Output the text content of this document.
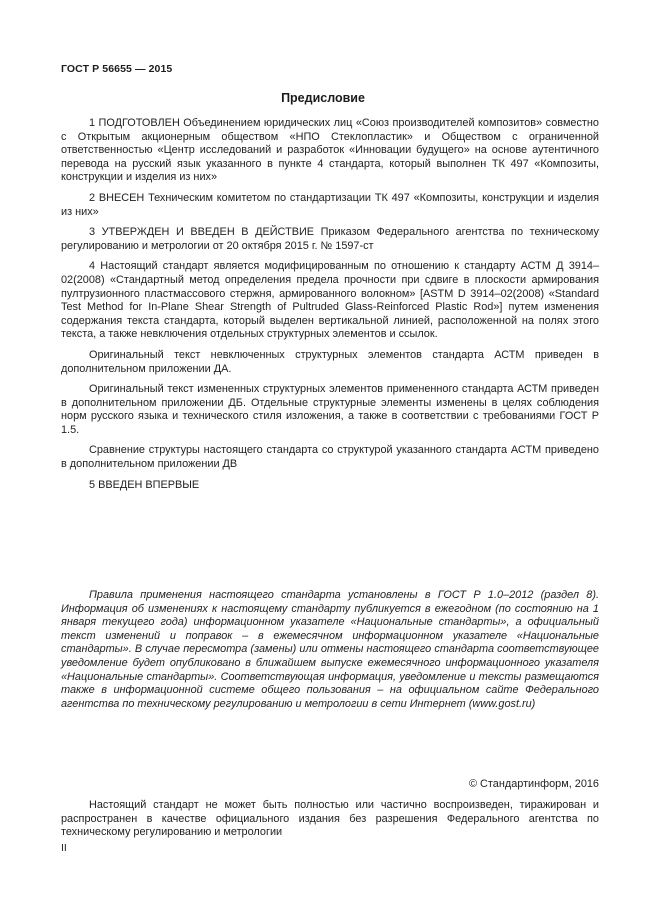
ГОСТ Р 56655 — 2015
Предисловие

1 ПОДГОТОВЛЕН Объединением юридических лиц «Союз производителей композитов» совместно с Открытым акционерным обществом «НПО Стеклопластик» и Обществом с ограниченной ответственностью «Центр исследований и разработок «Инновации будущего» на основе аутентичного перевода на русский язык указанного в пункте 4 стандарта, который выполнен ТК 497 «Композиты, конструкции и изделия из них»

2 ВНЕСЕН Техническим комитетом по стандартизации ТК 497 «Композиты, конструкции и изделия из них»

3 УТВЕРЖДЕН И ВВЕДЕН В ДЕЙСТВИЕ Приказом Федерального агентства по техническому регулированию и метрологии от 20 октября 2015 г. № 1597-ст

4 Настоящий стандарт является модифицированным по отношению к стандарту АСТМ Д 3914–02(2008) «Стандартный метод определения предела прочности при сдвиге в плоскости армирования пултрузионного пластмассового стержня, армированного волокном» [ASTM D 3914–02(2008) «Standard Test Method for In-Plane Shear Strength of Pultruded Glass-Reinforced Plastic Rod»] путем изменения содержания текста стандарта, который выделен вертикальной линией, расположенной на полях этого текста, а также невключения отдельных структурных элементов и ссылок.

Оригинальный текст невключенных структурных элементов стандарта АСТМ приведен в дополнительном приложении ДА.

Оригинальный текст измененных структурных элементов примененного стандарта АСТМ приведен в дополнительном приложении ДБ. Отдельные структурные элементы изменены в целях соблюдения норм русского языка и технического стиля изложения, а также в соответствии с требованиями ГОСТ Р 1.5.

Сравнение структуры настоящего стандарта со структурой указанного стандарта АСТМ приведено в дополнительном приложении ДВ

5 ВВЕДЕН ВПЕРВЫЕ

Правила применения настоящего стандарта установлены в ГОСТ Р 1.0–2012 (раздел 8). Информация об изменениях к настоящему стандарту публикуется в ежегодном (по состоянию на 1 января текущего года) информационном указателе «Национальные стандарты», а официальный текст изменений и поправок – в ежемесячном информационном указателе «Национальные стандарты». В случае пересмотра (замены) или отмены настоящего стандарта соответствующее уведомление будет опубликовано в ближайшем выпуске ежемесячного информационного указателя «Национальные стандарты». Соответствующая информация, уведомление и тексты размещаются также в информационной системе общего пользования – на официальном сайте Федерального агентства по техническому регулированию и метрологии в сети Интернет (www.gost.ru)
© Стандартинформ, 2016
Настоящий стандарт не может быть полностью или частично воспроизведен, тиражирован и распространен в качестве официального издания без разрешения Федерального агентства по техническому регулированию и метрологии
II
